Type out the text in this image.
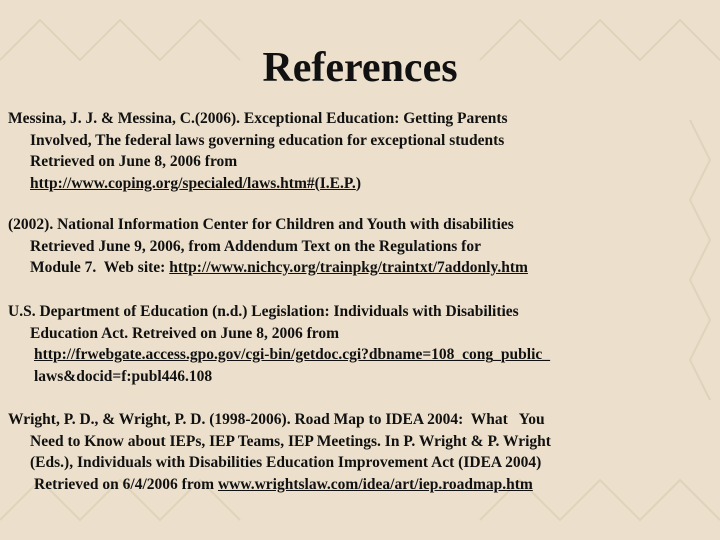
References
Messina, J. J. & Messina, C.(2006). Exceptional Education: Getting Parents
Involved, The federal laws governing education for exceptional students
Retrieved on June 8, 2006 from
http://www.coping.org/specialed/laws.htm#(I.E.P.)
(2002). National Information Center for Children and Youth with disabilities
Retrieved June 9, 2006, from Addendum Text on the Regulations for
Module 7.  Web site: http://www.nichcy.org/trainpkg/traintxt/7addonly.htm
U.S. Department of Education (n.d.) Legislation: Individuals with Disabilities
Education Act. Retreived on June 8, 2006 from
http://frwebgate.access.gpo.gov/cgi-bin/getdoc.cgi?dbname=108_cong_public_
laws&docid=f:publ446.108
Wright, P. D., & Wright, P. D. (1998-2006). Road Map to IDEA 2004:  What   You
Need to Know about IEPs, IEP Teams, IEP Meetings. In P. Wright & P. Wright
(Eds.), Individuals with Disabilities Education Improvement Act (IDEA 2004)
Retrieved on 6/4/2006 from www.wrightslaw.com/idea/art/iep.roadmap.htm
